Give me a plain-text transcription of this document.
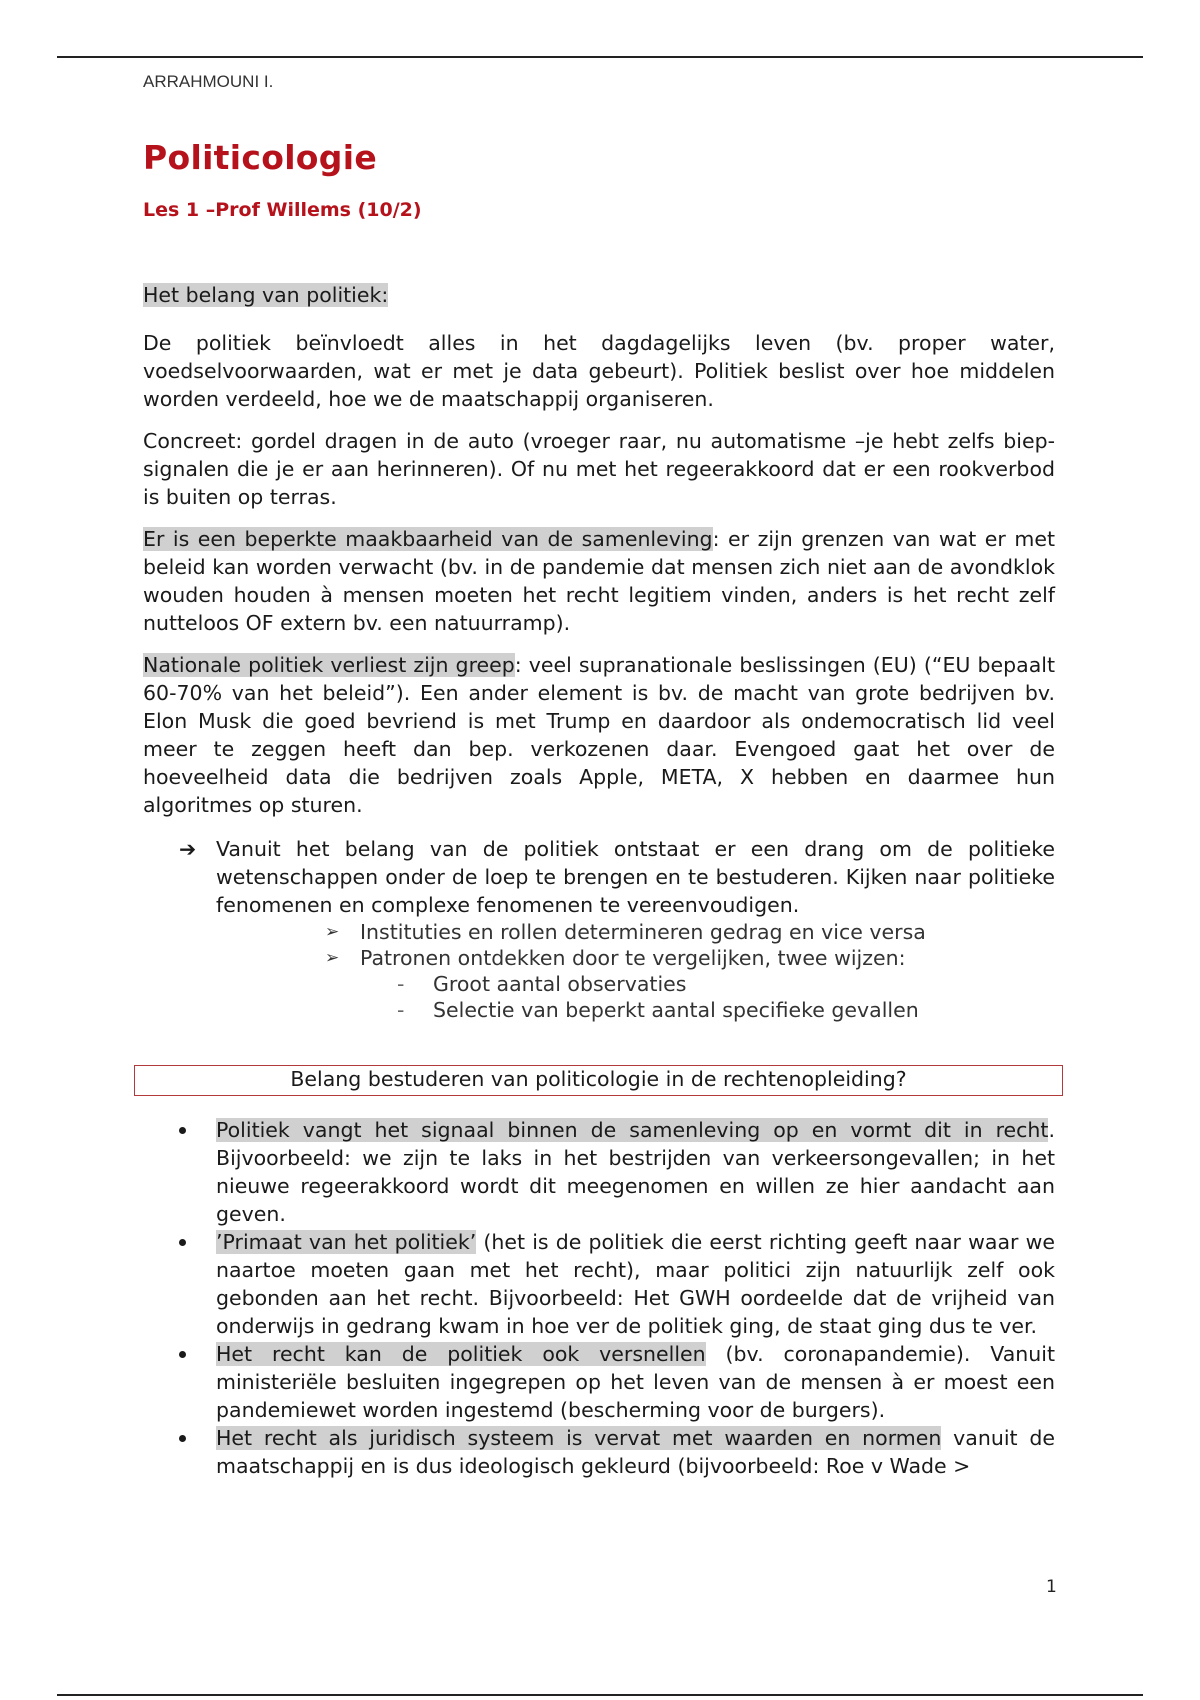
ARRAHMOUNI I.
Politicologie
Les 1 –Prof Willems (10/2)

Het belang van politiek:

De politiek beïnvloedt alles in het dagdagelijks leven (bv. proper water, voedselvoorwaarden, wat er met je data gebeurt). Politiek beslist over hoe middelen worden verdeeld, hoe we de maatschappij organiseren.

Concreet: gordel dragen in de auto (vroeger raar, nu automatisme –je hebt zelfs biep-signalen die je er aan herinneren). Of nu met het regeerakkoord dat er een rookverbod is buiten op terras.

Er is een beperkte maakbaarheid van de samenleving: er zijn grenzen van wat er met beleid kan worden verwacht (bv. in de pandemie dat mensen zich niet aan de avondklok wouden houden à mensen moeten het recht legitiem vinden, anders is het recht zelf nutteloos OF extern bv. een natuurramp).

Nationale politiek verliest zijn greep: veel supranationale beslissingen (EU) (“EU bepaalt 60-70% van het beleid”). Een ander element is bv. de macht van grote bedrijven bv. Elon Musk die goed bevriend is met Trump en daardoor als ondemocratisch lid veel meer te zeggen heeft dan bep. verkozenen daar. Evengoed gaat het over de hoeveelheid data die bedrijven zoals Apple, META, X hebben en daarmee hun algoritmes op sturen.

➔ Vanuit het belang van de politiek ontstaat er een drang om de politieke wetenschappen onder de loep te brengen en te bestuderen. Kijken naar politieke fenomenen en complexe fenomenen te vereenvoudigen.
➢ Instituties en rollen determineren gedrag en vice versa
➢ Patronen ontdekken door te vergelijken, twee wijzen:
- Groot aantal observaties
- Selectie van beperkt aantal specifieke gevallen
Belang bestuderen van politicologie in de rechtenopleiding?
Politiek vangt het signaal binnen de samenleving op en vormt dit in recht. Bijvoorbeeld: we zijn te laks in het bestrijden van verkeersongevallen; in het nieuwe regeerakkoord wordt dit meegenomen en willen ze hier aandacht aan geven.
’Primaat van het politiek’ (het is de politiek die eerst richting geeft naar waar we naartoe moeten gaan met het recht), maar politici zijn natuurlijk zelf ook gebonden aan het recht. Bijvoorbeeld: Het GWH oordeelde dat de vrijheid van onderwijs in gedrang kwam in hoe ver de politiek ging, de staat ging dus te ver.
Het recht kan de politiek ook versnellen (bv. coronapandemie). Vanuit ministeriële besluiten ingegrepen op het leven van de mensen à er moest een pandemiewet worden ingestemd (bescherming voor de burgers).
Het recht als juridisch systeem is vervat met waarden en normen vanuit de maatschappij en is dus ideologisch gekleurd (bijvoorbeeld: Roe v Wade >
1
